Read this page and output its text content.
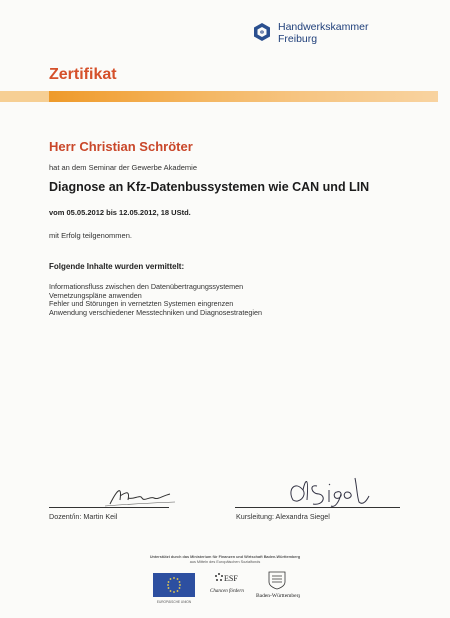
Handwerkskammer
Freiburg
Zertifikat
Herr Christian Schröter
hat an dem Seminar der Gewerbe Akademie
Diagnose an Kfz-Datenbussystemen wie CAN und LIN
vom 05.05.2012 bis 12.05.2012, 18 UStd.
mit Erfolg teilgenommen.
Folgende Inhalte wurden vermittelt:
Informationsfluss zwischen den Datenübertragungssystemen
Vernetzungspläne anwenden
Fehler und Störungen in vernetzten Systemen eingrenzen
Anwendung verschiedener Messtechniken und Diagnosestrategien
Dozent/in: Martin Keil	Kursleitung: Alexandra Siegel
Unterstützt durch das Ministerium für Finanzen und Wirtschaft Baden-Württemberg
aus Mitteln des Europäischen Sozialfonds
EUROPÄISCHE UNION
ESF
Chancen fördern
Baden-Württemberg
